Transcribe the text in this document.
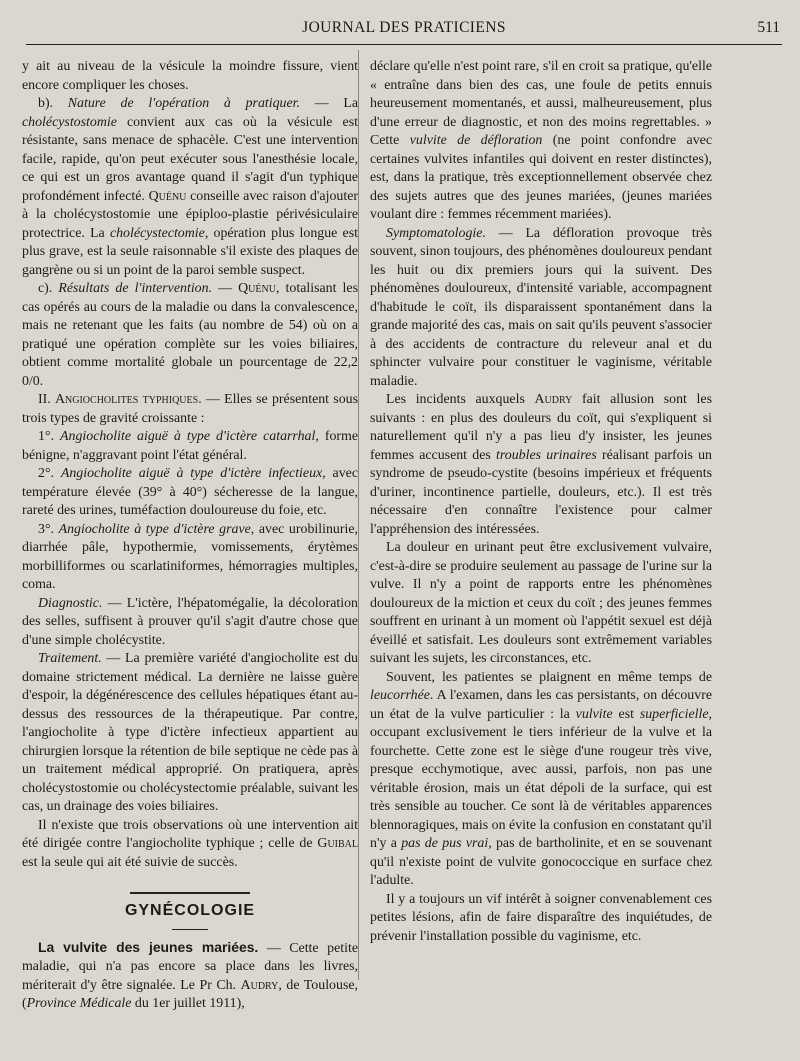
JOURNAL DES PRATICIENS	511

y ait au niveau de la vésicule la moindre fissure, vient encore compliquer les choses.

b). Nature de l'opération à pratiquer. — La cholécystostomie convient aux cas où la vésicule est résistante, sans menace de sphacèle. C'est une intervention facile, rapide, qu'on peut exécuter sous l'anesthésie locale, ce qui est un gros avantage quand il s'agit d'un typhique profondément infecté. Quénu conseille avec raison d'ajouter à la cholécystostomie une épiploo-plastie périvésiculaire protectrice. La cholécystectomie, opération plus longue est plus grave, est la seule raisonnable s'il existe des plaques de gangrène ou si un point de la paroi semble suspect.

c). Résultats de l'intervention. — Quénu, totalisant les cas opérés au cours de la maladie ou dans la convalescence, mais ne retenant que les faits (au nombre de 54) où on a pratiqué une opération complète sur les voies biliaires, obtient comme mortalité globale un pourcentage de 22,2 0/0.

II. Angiocholites typhiques. — Elles se présentent sous trois types de gravité croissante :

1°. Angiocholite aiguë à type d'ictère catarrhal, forme bénigne, n'aggravant point l'état général.

2°. Angiocholite aiguë à type d'ictère infectieux, avec température élevée (39° à 40°) sécheresse de la langue, rareté des urines, tuméfaction douloureuse du foie, etc.

3°. Angiocholite à type d'ictère grave, avec urobilinurie, diarrhée pâle, hypothermie, vomissements, érytèmes morbilliformes ou scarlatiniformes, hémorragies multiples, coma.

Diagnostic. — L'ictère, l'hépatomégalie, la décoloration des selles, suffisent à prouver qu'il s'agit d'autre chose que d'une simple cholécystite.

Traitement. — La première variété d'angiocholite est du domaine strictement médical. La dernière ne laisse guère d'espoir, la dégénérescence des cellules hépatiques étant au-dessus des ressources de la thérapeutique. Par contre, l'angiocholite à type d'ictère infectieux appartient au chirurgien lorsque la rétention de bile septique ne cède pas à un traitement médical approprié. On pratiquera, après cholécystostomie ou cholécystectomie préalable, suivant les cas, un drainage des voies biliaires.

Il n'existe que trois observations où une intervention ait été dirigée contre l'angiocholite typhique ; celle de Guibal est la seule qui ait été suivie de succès.

GYNÉCOLOGIE

La vulvite des jeunes mariées. — Cette petite maladie, qui n'a pas encore sa place dans les livres, mériterait d'y être signalée. Le Pr Ch. Audry, de Toulouse, (Province Médicale du 1er juillet 1911),

déclare qu'elle n'est point rare, s'il en croit sa pratique, qu'elle « entraîne dans bien des cas, une foule de petits ennuis heureusement momentanés, et aussi, malheureusement, plus d'une erreur de diagnostic, et non des moins regrettables. » Cette vulvite de défloration (ne point confondre avec certaines vulvites infantiles qui doivent en rester distinctes), est, dans la pratique, très exceptionnellement observée chez des sujets autres que des jeunes mariées, (jeunes mariées voulant dire : femmes récemment mariées).

Symptomatologie. — La défloration provoque très souvent, sinon toujours, des phénomènes douloureux pendant les huit ou dix premiers jours qui la suivent. Des phénomènes douloureux, d'intensité variable, accompagnent d'habitude le coït, ils disparaissent spontanément dans la grande majorité des cas, mais on sait qu'ils peuvent s'associer à des accidents de contracture du releveur anal et du sphincter vulvaire pour constituer le vaginisme, véritable maladie.

Les incidents auxquels Audry fait allusion sont les suivants : en plus des douleurs du coït, qui s'expliquent si naturellement qu'il n'y a pas lieu d'y insister, les jeunes femmes accusent des troubles urinaires réalisant parfois un syndrome de pseudo-cystite (besoins impérieux et fréquents d'uriner, incontinence partielle, douleurs, etc.). Il est très nécessaire d'en connaître l'existence pour calmer l'appréhension des intéressées.

La douleur en urinant peut être exclusivement vulvaire, c'est-à-dire se produire seulement au passage de l'urine sur la vulve. Il n'y a point de rapports entre les phénomènes douloureux de la miction et ceux du coït ; des jeunes femmes souffrent en urinant à un moment où l'appétit sexuel est déjà éveillé et satisfait. Les douleurs sont extrêmement variables suivant les sujets, les circonstances, etc.

Souvent, les patientes se plaignent en même temps de leucorrhée. A l'examen, dans les cas persistants, on découvre un état de la vulve particulier : la vulvite est superficielle, occupant exclusivement le tiers inférieur de la vulve et la fourchette. Cette zone est le siège d'une rougeur très vive, presque ecchymotique, avec aussi, parfois, non pas une véritable érosion, mais un état dépoli de la surface, qui est très sensible au toucher. Ce sont là de véritables apparences blennoragiques, mais on évite la confusion en constatant qu'il n'y a pas de pus vrai, pas de bartholinite, et en se souvenant qu'il n'existe point de vulvite gonococcique en surface chez l'adulte.

Il y a toujours un vif intérêt à soigner convenablement ces petites lésions, afin de faire disparaître des inquiétudes, de prévenir l'installation possible du vaginisme, etc.
